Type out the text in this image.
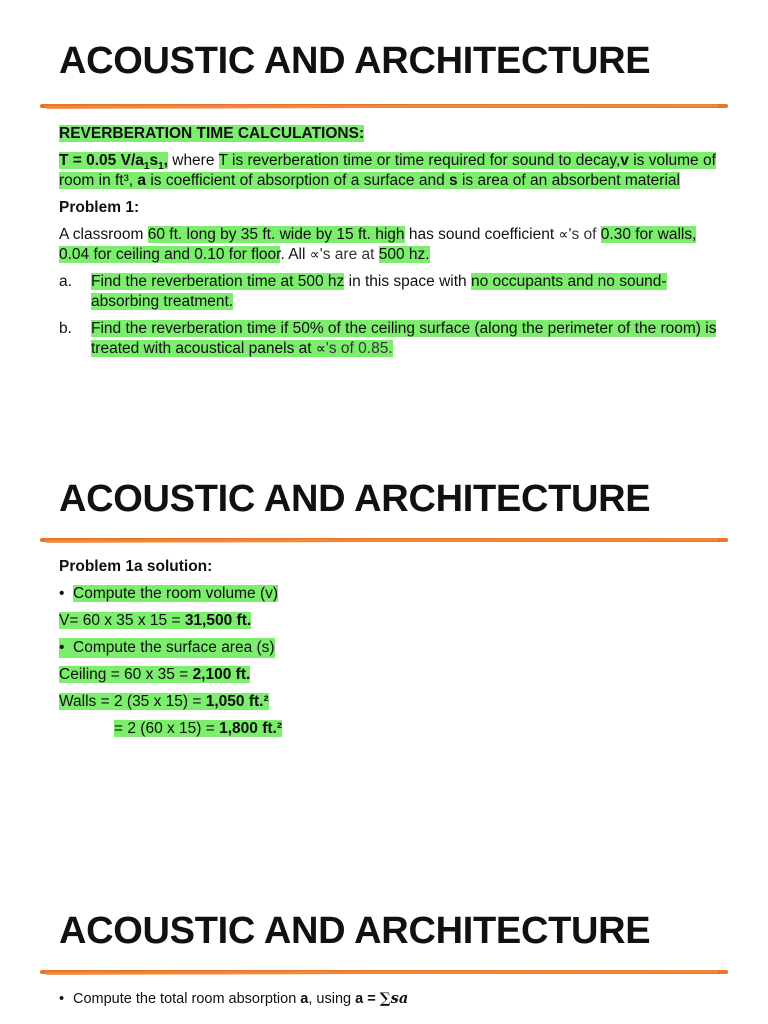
ACOUSTIC AND ARCHITECTURE

REVERBERATION TIME CALCULATIONS:

T = 0.05 $V/a_1s_1$, where T is reverberation time or time required for sound to decay,v is volume of room in ft³, a is coefficient of absorption of a surface and s is area of an absorbent material

Problem 1:

A classroom 60 ft. long by 35 ft. wide by 15 ft. high has sound coefficient ∝'s of 0.30 for walls, 0.04 for ceiling and 0.10 for floor. All ∝'s are at 500 hz.

a.	Find the reverberation time at 500 hz in this space with no occupants and no sound-absorbing treatment.
b.	Find the reverberation time if 50% of the ceiling surface (along the perimeter of the room) is treated with acoustical panels at ∝'s of 0.85.
ACOUSTIC AND ARCHITECTURE

Problem 1a solution:

• Compute the room volume (v)

V= 60 x 35 x 15 = 31,500 ft.

• Compute the surface area (s)

Ceiling = 60 x 35 = 2,100 ft.

Walls = 2 (35 x 15) = 1,050 ft.²

= 2 (60 x 15) = 1,800 ft.²

ACOUSTIC AND ARCHITECTURE
• Compute the total room absorption a, using a = ∑sa
